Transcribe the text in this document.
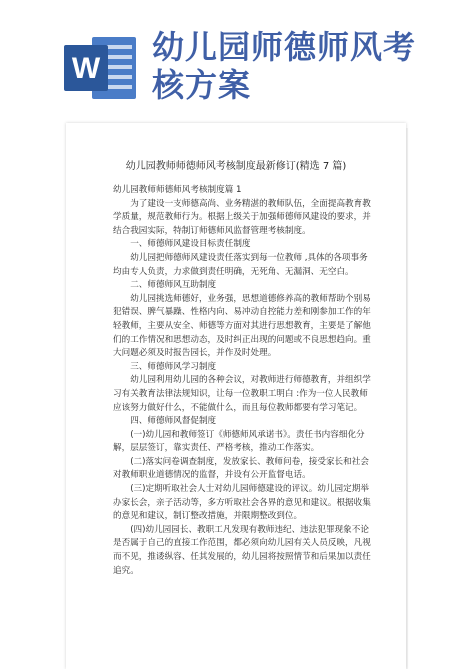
W
幼儿园师德师风考
核方案
幼儿园教师师德师风考核制度最新修订(精选 7 篇)
幼儿园教师师德师风考核制度篇 1
　　为了建设一支师德高尚、业务精湛的教师队伍，全面提高教育教
学质量，规范教师行为。根据上级关于加强师德师风建设的要求，并
结合我园实际，特制订师德师风监督管理考核制度。
　　一、师德师风建设目标责任制度
　　幼儿园把师德师风建设责任落实到每一位教师 ,具体的各项事务
均由专人负责，力求做到责任明确，无死角、无漏洞、无空白。
　　二、师德师风互助制度
　　幼儿园挑选师德好，业务强，思想道德修养高的教师帮助个别易
犯错误、脾气暴躁、性格内向、易冲动自控能力差和刚参加工作的年
轻教师，主要从安全、师德等方面对其进行思想教育，主要是了解他
们的工作情况和思想动态，及时纠正出现的问题或不良思想趋向。重
大问题必须及时报告园长，并作及时处理。
　　三、师德师风学习制度
　　幼儿园利用幼儿园的各种会议，对教师进行师德教育，并组织学
习有关教育法律法规知识，让每一位教职工明白 :作为一位人民教师
应该努力做好什么，不能做什么，而且每位教师都要有学习笔记。
　　四、师德师风督促制度
　　(一)幼儿园和教师签订《师德师风承诺书》。责任书内容细化分
解，层层签订，靠实责任、严格考核，推动工作落实。
　　(二)落实问卷调查制度，发放家长、教师问卷，接受家长和社会
对教师职业道德情况的监督，并设有公开监督电话。
　　(三)定期听取社会人士对幼儿园师德建设的评议。幼儿园定期举
办家长会，亲子活动等，多方听取社会各界的意见和建议。根据收集
的意见和建议，制订整改措施，并限期整改到位。
　　(四)幼儿园园长、教职工凡发现有教师违纪、违法犯罪现象不论
是否属于自己的直接工作范围，都必须向幼儿园有关人员反映，凡视
而不见，推诿纵容、任其发展的，幼儿园将按照情节和后果加以责任
追究。
